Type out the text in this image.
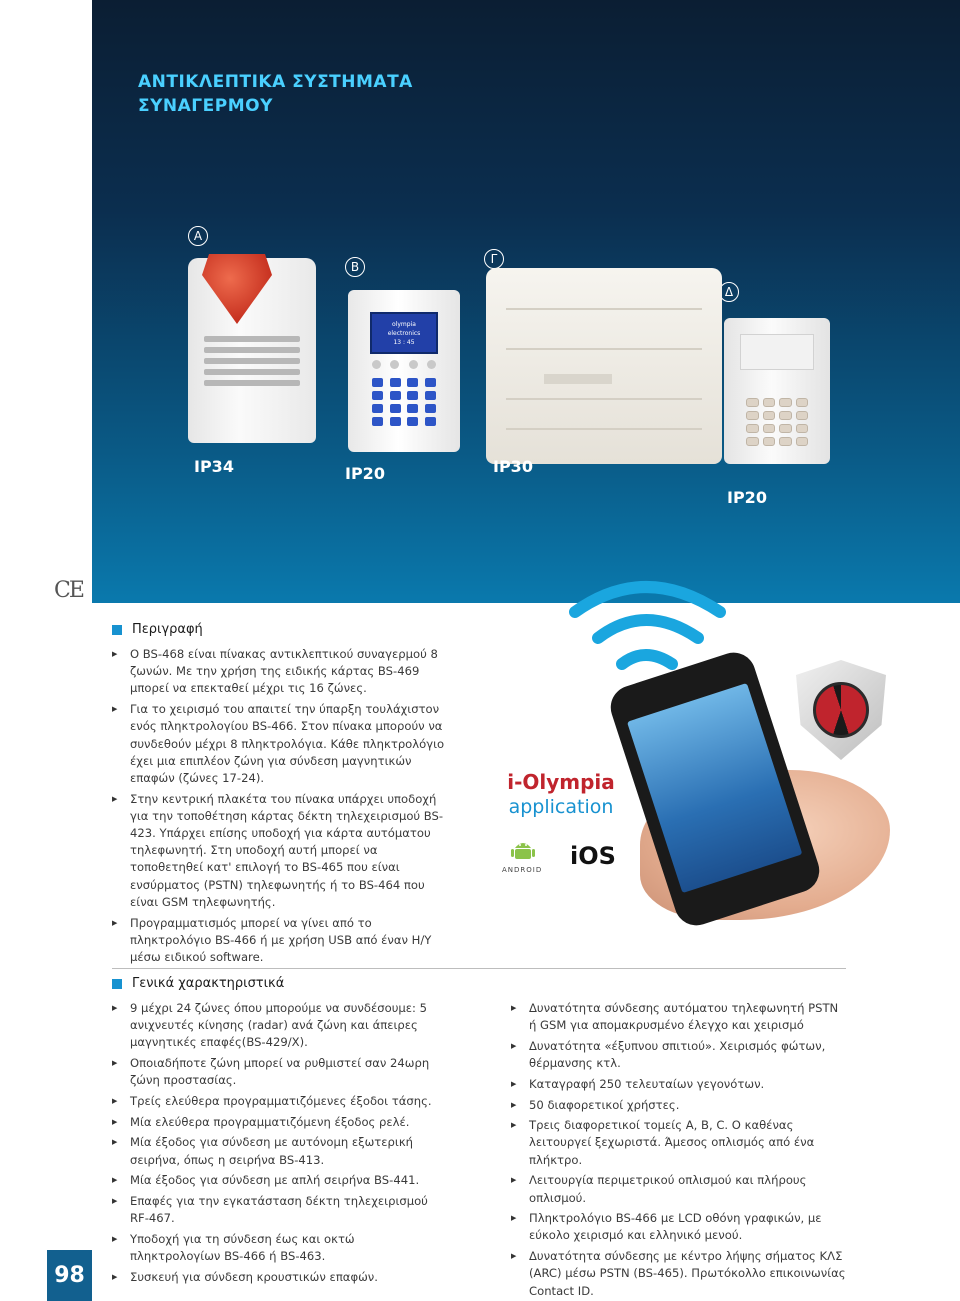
ΑΝΤΙΚΛΕΠΤΙΚΑ ΣΥΣΤΗΜΑΤΑ ΣΥΝΑΓΕΡΜΟΥ
Α
Β
Γ
Δ
olympia
electronics
13 : 45
IP34	IP20	IP30
IP20
CE
Περιγραφή
▶ Ο BS-468 είναι πίνακας αντικλεπτικού συναγερμού 8 ζωνών. Με την χρήση της ειδικής κάρτας BS-469 μπορεί να επεκταθεί μέχρι τις 16 ζώνες.
▶ Για το χειρισμό του απαιτεί την ύπαρξη τουλάχιστον ενός πληκτρολογίου BS-466. Στον πίνακα μπορούν να συνδεθούν μέχρι 8 πληκτρολόγια. Κάθε πληκτρολόγιο έχει μια επιπλέον ζώνη για σύνδεση μαγνητικών επαφών (ζώνες 17-24).
▶ Στην κεντρική πλακέτα του πίνακα υπάρχει υποδοχή για την τοποθέτηση κάρτας δέκτη τηλεχειρισμού BS-423. Υπάρχει επίσης υποδοχή για κάρτα αυτόματου τηλεφωνητή. Στη υποδοχή αυτή μπορεί να τοποθετηθεί κατ' επιλογή το BS-465 που είναι ενσύρματος (PSTN) τηλεφωνητής ή το BS-464 που είναι GSM τηλεφωνητής.
▶ Προγραμματισμός μπορεί να γίνει από το πληκτρολόγιο BS-466 ή με χρήση USB από έναν Η/Υ μέσω ειδικού software.
i-Olympia
application
ANDROID iOS
Γενικά χαρακτηριστικά
▶ 9 μέχρι 24 ζώνες όπου μπορούμε να συνδέσουμε: 5 ανιχνευτές κίνησης (radar) ανά ζώνη και άπειρες μαγνητικές επαφές(BS-429/X).
▶ Οποιαδήποτε ζώνη μπορεί να ρυθμιστεί σαν 24ωρη ζώνη προστασίας.
▶ Τρείς ελεύθερα προγραμματιζόμενες έξοδοι τάσης.
▶ Μία ελεύθερα προγραμματιζόμενη έξοδος ρελέ.
▶ Μία έξοδος για σύνδεση με αυτόνομη εξωτερική σειρήνα, όπως η σειρήνα BS-413.
▶ Μία έξοδος για σύνδεση με απλή σειρήνα BS-441.
▶ Επαφές για την εγκατάσταση δέκτη τηλεχειρισμού RF-467.
▶ Υποδοχή για τη σύνδεση έως και οκτώ πληκτρολογίων BS-466 ή BS-463.
▶ Συσκευή για σύνδεση κρουστικών επαφών.
▶ Δυνατότητα σύνδεσης αυτόματου τηλεφωνητή PSTN ή GSM για απομακρυσμένο έλεγχο και χειρισμό
▶ Δυνατότητα «έξυπνου σπιτιού». Χειρισμός φώτων, θέρμανσης κτλ.
▶ Καταγραφή 250 τελευταίων γεγονότων.
▶ 50 διαφορετικοί χρήστες.
▶ Τρεις διαφορετικοί τομείς A, B, C. Ο καθένας λειτουργεί ξεχωριστά. Άμεσος οπλισμός από ένα πλήκτρο.
▶ Λειτουργία περιμετρικού οπλισμού και πλήρους οπλισμού.
▶ Πληκτρολόγιο BS-466 με LCD οθόνη γραφικών, με εύκολο χειρισμό και ελληνικό μενού.
▶ Δυνατότητα σύνδεσης με κέντρο λήψης σήματος ΚΛΣ (ARC) μέσω PSTN (BS-465). Πρωτόκολλο επικοινωνίας Contact ID.
98
